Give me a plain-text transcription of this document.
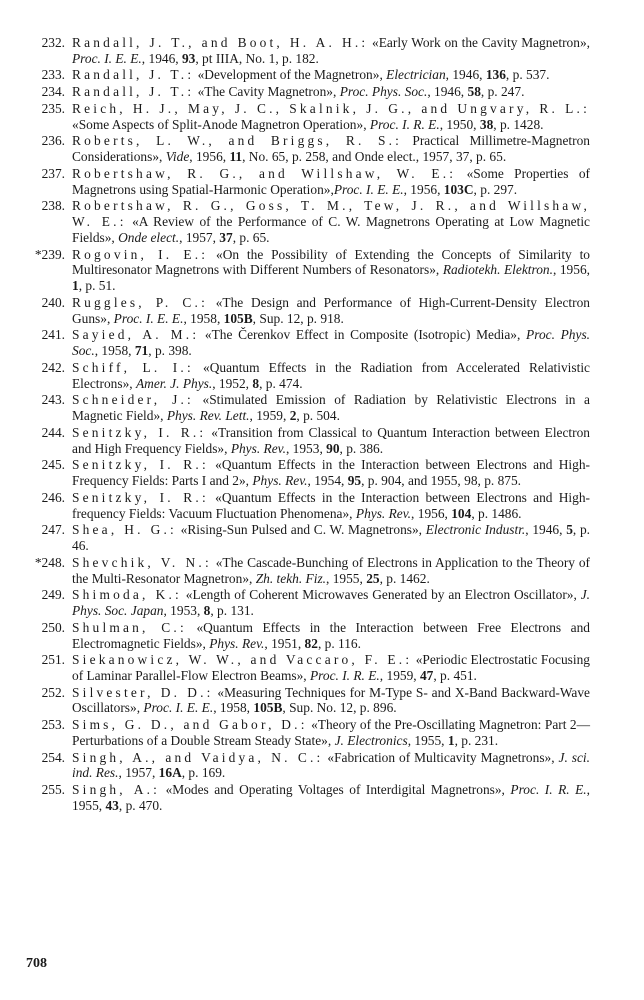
232. Randall, J. T., and Boot, H. A. H.: «Early Work on the Cavity Magnetron», Proc. I. E. E., 1946, 93, pt IIIA, No. 1, p. 182.
233. Randall, J. T.: «Development of the Magnetron», Electrician, 1946, 136, p. 537.
234. Randall, J. T.: «The Cavity Magnetron», Proc. Phys. Soc., 1946, 58, p. 247.
235. Reich, H. J., May, J. C., Skalnik, J. G., and Ungvary, R. L.: «Some Aspects of Split-Anode Magnetron Operation», Proc. I. R. E., 1950, 38, p. 1428.
236. Roberts, L. W., and Briggs, R. S.: Practical Millimetre-Magnetron Considerations», Vide, 1956, 11, No. 65, p. 258, and Onde elect., 1957, 37, p. 65.
237. Robertshaw, R. G., and Willshaw, W. E.: «Some Properties of Magnetrons using Spatial-Harmonic Operation»,Proc. I. E. E., 1956, 103C, p. 297.
238. Robertshaw, R. G., Goss, T. M., Tew, J. R., and Willshaw, W. E.: «A Review of the Performance of C. W. Magnetrons Operating at Low Magnetic Fields», Onde elect., 1957, 37, p. 65.
*239. Rogovin, I. E.: «On the Possibility of Extending the Concepts of Similarity to Multiresonator Magnetrons with Different Numbers of Resonators», Radiotekh. Elektron., 1956, 1, p. 51.
240. Ruggles, P. C.: «The Design and Performance of High-Current-Density Electron Guns», Proc. I. E. E., 1958, 105B, Sup. 12, p. 918.
241. Sayied, A. M.: «The Čerenkov Effect in Composite (Isotropic) Media», Proc. Phys. Soc., 1958, 71, p. 398.
242. Schiff, L. I.: «Quantum Effects in the Radiation from Accelerated Relativistic Electrons», Amer. J. Phys., 1952, 8, p. 474.
243. Schneider, J.: «Stimulated Emission of Radiation by Relativistic Electrons in a Magnetic Field», Phys. Rev. Lett., 1959, 2, p. 504.
244. Senitzky, I. R.: «Transition from Classical to Quantum Interaction between Electron and High Frequency Fields», Phys. Rev., 1953, 90, p. 386.
245. Senitzky, I. R.: «Quantum Effects in the Interaction between Electrons and High-Frequency Fields: Parts I and 2», Phys. Rev., 1954, 95, p. 904, and 1955, 98, p. 875.
246. Senitzky, I. R.: «Quantum Effects in the Interaction between Electrons and High-frequency Fields: Vacuum Fluctuation Phenomena», Phys. Rev., 1956, 104, p. 1486.
247. Shea, H. G.: «Rising-Sun Pulsed and C. W. Magnetrons», Electronic Industr., 1946, 5, p. 46.
*248. Shevchik, V. N.: «The Cascade-Bunching of Electrons in Application to the Theory of the Multi-Resonator Magnetron», Zh. tekh. Fiz., 1955, 25, p. 1462.
249. Shimoda, K.: «Length of Coherent Microwaves Generated by an Electron Oscillator», J. Phys. Soc. Japan, 1953, 8, p. 131.
250. Shulman, C.: «Quantum Effects in the Interaction between Free Electrons and Electromagnetic Fields», Phys. Rev., 1951, 82, p. 116.
251. Siekanowicz, W. W., and Vaccaro, F. E.: «Periodic Electrostatic Focusing of Laminar Parallel-Flow Electron Beams», Proc. I. R. E., 1959, 47, p. 451.
252. Silvester, D. D.: «Measuring Techniques for M-Type S- and X-Band Backward-Wave Oscillators», Proc. I. E. E., 1958, 105B, Sup. No. 12, p. 896.
253. Sims, G. D., and Gabor, D.: «Theory of the Pre-Oscillating Magnetron: Part 2—Perturbations of a Double Stream Steady State», J. Electronics, 1955, 1, p. 231.
254. Singh, A., and Vaidya, N. C.: «Fabrication of Multicavity Magnetrons», J. sci. ind. Res., 1957, 16A, p. 169.
255. Singh, A.: «Modes and Operating Voltages of Interdigital Magnetrons», Proc. I. R. E., 1955, 43, p. 470.
708
